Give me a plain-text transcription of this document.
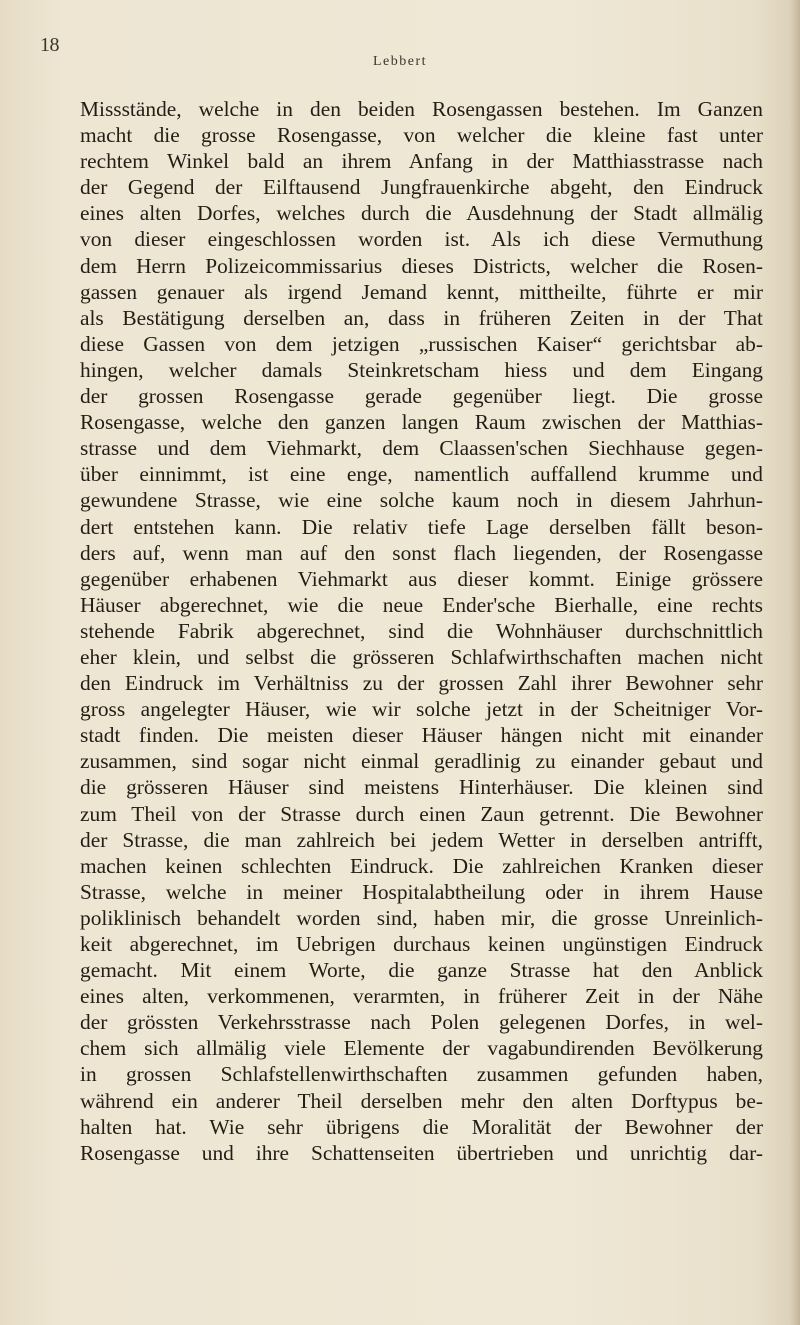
18
Lebbert
Missstände, welche in den beiden Rosengassen bestehen. Im Ganzen
macht die grosse Rosengasse, von welcher die kleine fast unter
rechtem Winkel bald an ihrem Anfang in der Matthiasstrasse nach
der Gegend der Eilftausend Jungfrauenkirche abgeht, den Eindruck
eines alten Dorfes, welches durch die Ausdehnung der Stadt allmälig
von dieser eingeschlossen worden ist. Als ich diese Vermuthung
dem Herrn Polizeicommissarius dieses Districts, welcher die Rosen-
gassen genauer als irgend Jemand kennt, mittheilte, führte er mir
als Bestätigung derselben an, dass in früheren Zeiten in der That
diese Gassen von dem jetzigen „russischen Kaiser“ gerichtsbar ab-
hingen, welcher damals Steinkretscham hiess und dem Eingang
der grossen Rosengasse gerade gegenüber liegt. Die grosse
Rosengasse, welche den ganzen langen Raum zwischen der Matthias-
strasse und dem Viehmarkt, dem Claassen'schen Siechhause gegen-
über einnimmt, ist eine enge, namentlich auffallend krumme und
gewundene Strasse, wie eine solche kaum noch in diesem Jahrhun-
dert entstehen kann. Die relativ tiefe Lage derselben fällt beson-
ders auf, wenn man auf den sonst flach liegenden, der Rosengasse
gegenüber erhabenen Viehmarkt aus dieser kommt. Einige grössere
Häuser abgerechnet, wie die neue Ender'sche Bierhalle, eine rechts
stehende Fabrik abgerechnet, sind die Wohnhäuser durchschnittlich
eher klein, und selbst die grösseren Schlafwirthschaften machen nicht
den Eindruck im Verhältniss zu der grossen Zahl ihrer Bewohner sehr
gross angelegter Häuser, wie wir solche jetzt in der Scheitniger Vor-
stadt finden. Die meisten dieser Häuser hängen nicht mit einander
zusammen, sind sogar nicht einmal geradlinig zu einander gebaut und
die grösseren Häuser sind meistens Hinterhäuser. Die kleinen sind
zum Theil von der Strasse durch einen Zaun getrennt. Die Bewohner
der Strasse, die man zahlreich bei jedem Wetter in derselben antrifft,
machen keinen schlechten Eindruck. Die zahlreichen Kranken dieser
Strasse, welche in meiner Hospitalabtheilung oder in ihrem Hause
poliklinisch behandelt worden sind, haben mir, die grosse Unreinlich-
keit abgerechnet, im Uebrigen durchaus keinen ungünstigen Eindruck
gemacht. Mit einem Worte, die ganze Strasse hat den Anblick
eines alten, verkommenen, verarmten, in früherer Zeit in der Nähe
der grössten Verkehrsstrasse nach Polen gelegenen Dorfes, in wel-
chem sich allmälig viele Elemente der vagabundirenden Bevölkerung
in grossen Schlafstellenwirthschaften zusammen gefunden haben,
während ein anderer Theil derselben mehr den alten Dorftypus be-
halten hat. Wie sehr übrigens die Moralität der Bewohner der
Rosengasse und ihre Schattenseiten übertrieben und unrichtig dar-
